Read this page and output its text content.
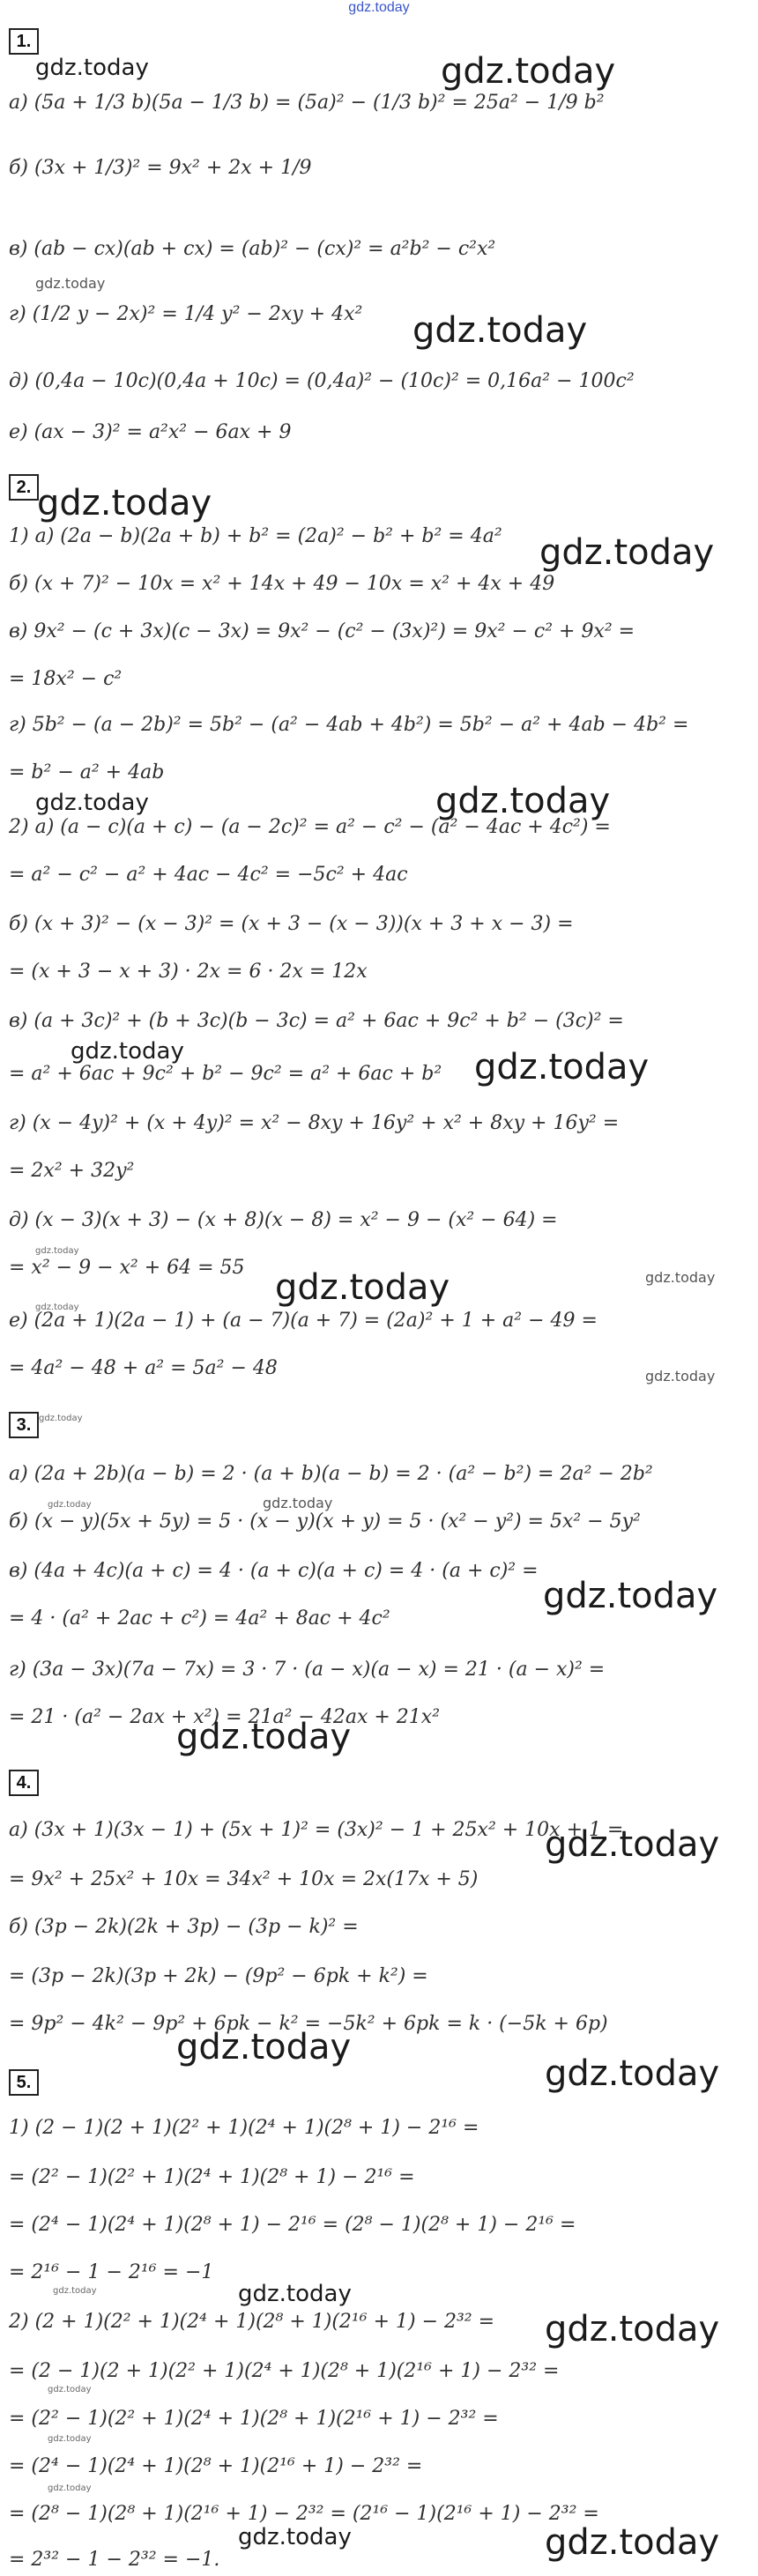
gdz.today
1.
2.
3.
4.
5.
а) (5a + 1/3 b)(5a − 1/3 b) = (5a)² − (1/3 b)² = 25a² − 1/9 b²
б) (3x + 1/3)² = 9x² + 2x + 1/9
в) (ab − cx)(ab + cx) = (ab)² − (cx)² = a²b² − c²x²
г) (1/2 y − 2x)² = 1/4 y² − 2xy + 4x²
д) (0,4a − 10c)(0,4a + 10c) = (0,4a)² − (10c)² = 0,16a² − 100c²
е) (ax − 3)² = a²x² − 6ax + 9
1) а) (2a − b)(2a + b) + b² = (2a)² − b² + b² = 4a²
б) (x + 7)² − 10x = x² + 14x + 49 − 10x = x² + 4x + 49
в) 9x² − (c + 3x)(c − 3x) = 9x² − (c² − (3x)²) = 9x² − c² + 9x² =
= 18x² − c²
г) 5b² − (a − 2b)² = 5b² − (a² − 4ab + 4b²) = 5b² − a² + 4ab − 4b² =
= b² − a² + 4ab
2) а) (a − c)(a + c) − (a − 2c)² = a² − c² − (a² − 4ac + 4c²) =
= a² − c² − a² + 4ac − 4c² = −5c² + 4ac
б) (x + 3)² − (x − 3)² = (x + 3 − (x − 3))(x + 3 + x − 3) =
= (x + 3 − x + 3) · 2x = 6 · 2x = 12x
в) (a + 3c)² + (b + 3c)(b − 3c) = a² + 6ac + 9c² + b² − (3c)² =
= a² + 6ac + 9c² + b² − 9c² = a² + 6ac + b²
г) (x − 4y)² + (x + 4y)² = x² − 8xy + 16y² + x² + 8xy + 16y² =
= 2x² + 32y²
д) (x − 3)(x + 3) − (x + 8)(x − 8) = x² − 9 − (x² − 64) =
= x² − 9 − x² + 64 = 55
е) (2a + 1)(2a − 1) + (a − 7)(a + 7) = (2a)² + 1 + a² − 49 =
= 4a² − 48 + a² = 5a² − 48
а) (2a + 2b)(a − b) = 2 · (a + b)(a − b) = 2 · (a² − b²) = 2a² − 2b²
б) (x − y)(5x + 5y) = 5 · (x − y)(x + y) = 5 · (x² − y²) = 5x² − 5y²
в) (4a + 4c)(a + c) = 4 · (a + c)(a + c) = 4 · (a + c)² =
= 4 · (a² + 2ac + c²) = 4a² + 8ac + 4c²
г) (3a − 3x)(7a − 7x) = 3 · 7 · (a − x)(a − x) = 21 · (a − x)² =
= 21 · (a² − 2ax + x²) = 21a² − 42ax + 21x²
а) (3x + 1)(3x − 1) + (5x + 1)² = (3x)² − 1 + 25x² + 10x + 1 =
= 9x² + 25x² + 10x = 34x² + 10x = 2x(17x + 5)
б) (3p − 2k)(2k + 3p) − (3p − k)² =
= (3p − 2k)(3p + 2k) − (9p² − 6pk + k²) =
= 9p² − 4k² − 9p² + 6pk − k² = −5k² + 6pk = k · (−5k + 6p)
1) (2 − 1)(2 + 1)(2² + 1)(2⁴ + 1)(2⁸ + 1) − 2¹⁶ =
= (2² − 1)(2² + 1)(2⁴ + 1)(2⁸ + 1) − 2¹⁶ =
= (2⁴ − 1)(2⁴ + 1)(2⁸ + 1) − 2¹⁶ = (2⁸ − 1)(2⁸ + 1) − 2¹⁶ =
= 2¹⁶ − 1 − 2¹⁶ = −1
2) (2 + 1)(2² + 1)(2⁴ + 1)(2⁸ + 1)(2¹⁶ + 1) − 2³² =
= (2 − 1)(2 + 1)(2² + 1)(2⁴ + 1)(2⁸ + 1)(2¹⁶ + 1) − 2³² =
= (2² − 1)(2² + 1)(2⁴ + 1)(2⁸ + 1)(2¹⁶ + 1) − 2³² =
= (2⁴ − 1)(2⁴ + 1)(2⁸ + 1)(2¹⁶ + 1) − 2³² =
= (2⁸ − 1)(2⁸ + 1)(2¹⁶ + 1) − 2³² = (2¹⁶ − 1)(2¹⁶ + 1) − 2³² =
= 2³² − 1 − 2³² = −1.
gdz.today	gdz.today
gdz.today
gdz.today
gdz.today
gdz.today
gdz.today
gdz.today
gdz.today	gdz.today
gdz.today
gdz.today	gdz.today
gdz.today
gdz.today
gdz.today
gdz.today	gdz.today
gdz.today
gdz.today
gdz.today
gdz.today
gdz.today
gdz.today
gdz.today
gdz.today
gdz.today
gdz.today
gdz.today
gdz.today	gdz.today
